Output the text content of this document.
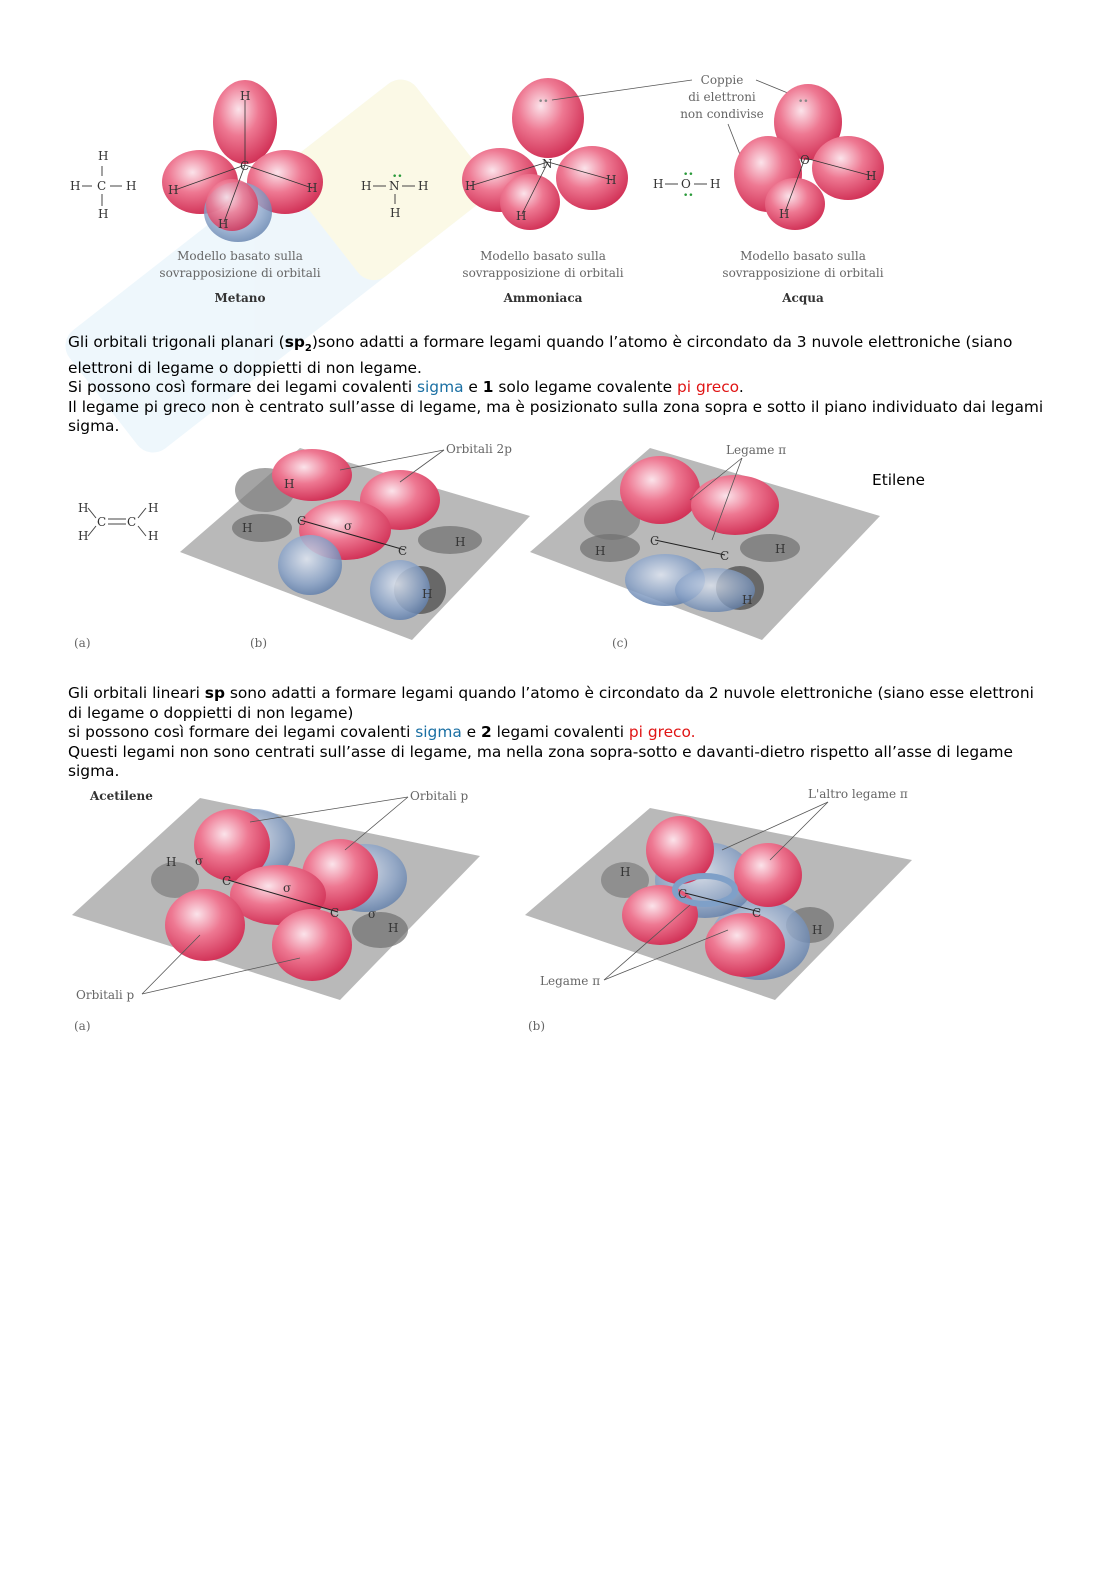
H
H C H
H
H
C
H	H
H
Modello basato sulla
sovrapposizione di orbitali
Metano
H N
••
H
H
••
N
H	H
H
Modello basato sulla
sovrapposizione di orbitali
Ammoniaca
Coppie
di elettroni
non condivise
H O
••
••
H
••
O
H
H
Modello basato sulla
sovrapposizione di orbitali
Acqua
Gli orbitali trigonali planari $(sp_2)sono$ adatti a formare legami quando l’atomo è circondato da 3 nuvole elettroniche (siano elettroni di legame o doppietti di non legame.
Si possono così formare dei legami covalenti sigma e 1 solo legame covalente pi greco.
Il legame pi greco non è centrato sull’asse di legame, ma è posizionato sulla zona sopra e sotto il piano individuato dai legami sigma.
H
H
C C
H
H
(a)
C
C
σ
H
H
H
H
Orbitali 2p
(b)
C
C
H	H
H
Legame π
(c)
Etilene
Gli orbitali lineari sp sono adatti a formare legami quando l’atomo è circondato da 2 nuvole elettroniche (siano esse elettroni di legame o doppietti di non legame)
si possono così formare dei legami covalenti sigma e 2 legami covalenti pi greco.
Questi legami non sono centrati sull’asse di legame, ma nella zona sopra-sotto e davanti-dietro rispetto all’asse di legame sigma.
Acetilene
C
C
H
H
σ
σ
σ
Orbitali p
Orbitali p
(a)
C
C
H
H
L'altro legame π
Legame π
(b)
